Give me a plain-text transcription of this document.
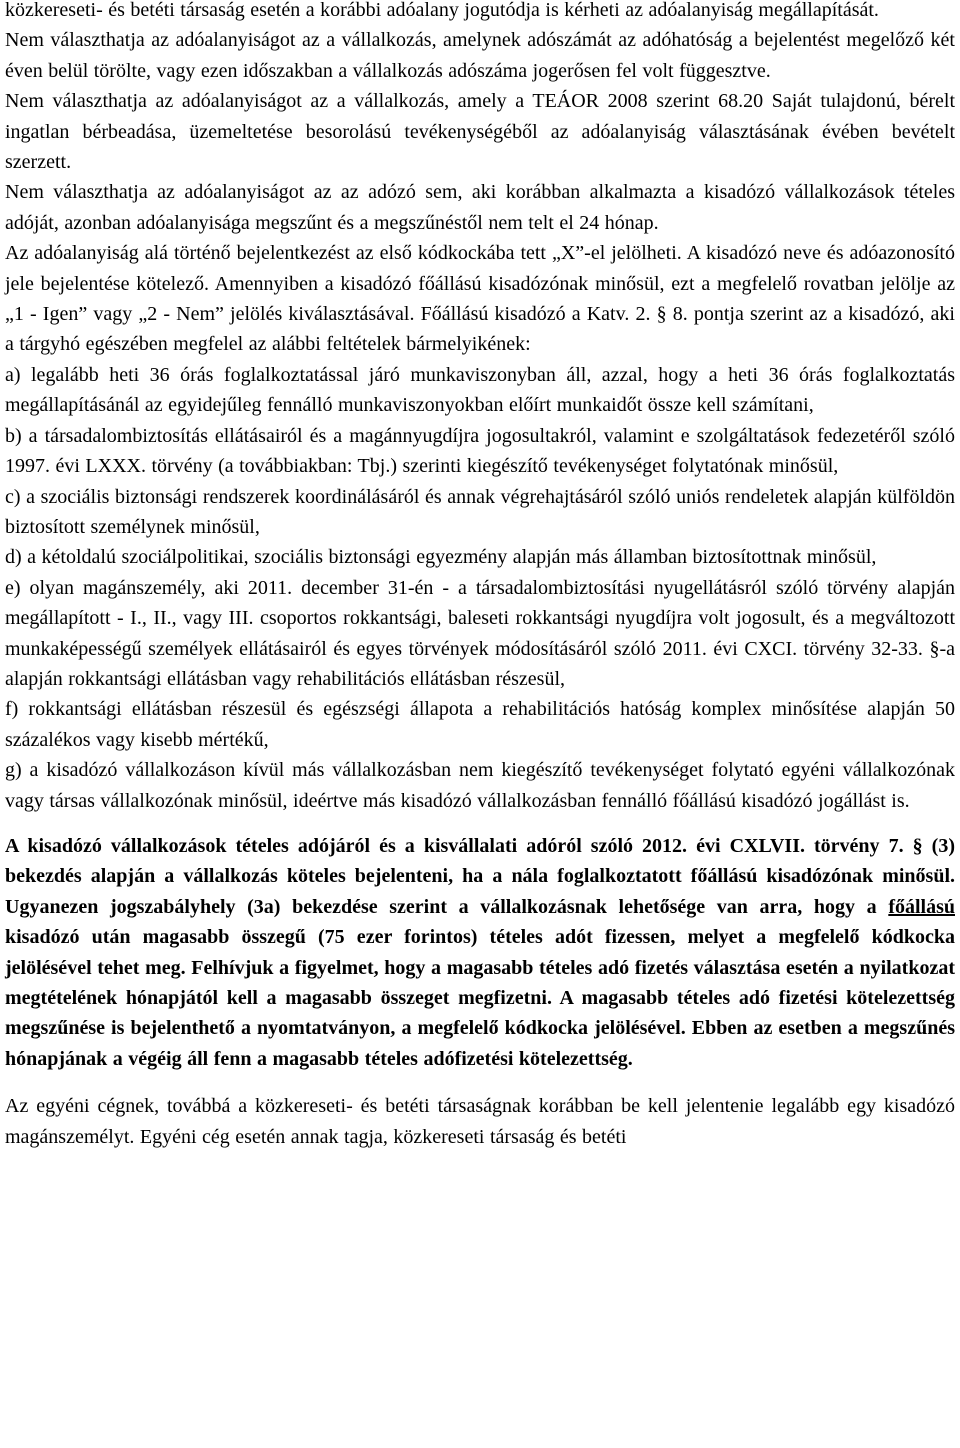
közkereseti- és betéti társaság esetén a korábbi adóalany jogutódja is kérheti az adóalanyiság megállapítását.

Nem választhatja az adóalanyiságot az a vállalkozás, amelynek adószámát az adóhatóság a bejelentést megelőző két éven belül törölte, vagy ezen időszakban a vállalkozás adószáma jogerősen fel volt függesztve.

Nem választhatja az adóalanyiságot az a vállalkozás, amely a TEÁOR 2008 szerint 68.20 Saját tulajdonú, bérelt ingatlan bérbeadása, üzemeltetése besorolású tevékenységéből az adóalanyiság választásának évében bevételt szerzett.

Nem választhatja az adóalanyiságot az az adózó sem, aki korábban alkalmazta a kisadózó vállalkozások tételes adóját, azonban adóalanyisága megszűnt és a megszűnéstől nem telt el 24 hónap.

Az adóalanyiság alá történő bejelentkezést az első kódkockába tett „X”-el jelölheti. A kisadózó neve és adóazonosító jele bejelentése kötelező. Amennyiben a kisadózó főállású kisadózónak minősül, ezt a megfelelő rovatban jelölje az „1 - Igen” vagy „2 - Nem” jelölés kiválasztásával. Főállású kisadózó a Katv. 2. § 8. pontja szerint az a kisadózó, aki a tárgyhó egészében megfelel az alábbi feltételek bármelyikének:

a) legalább heti 36 órás foglalkoztatással járó munkaviszonyban áll, azzal, hogy a heti 36 órás foglalkoztatás megállapításánál az egyidejűleg fennálló munkaviszonyokban előírt munkaidőt össze kell számítani,

b) a társadalombiztosítás ellátásairól és a magánnyugdíjra jogosultakról, valamint e szolgáltatások fedezetéről szóló 1997. évi LXXX. törvény (a továbbiakban: Tbj.) szerinti kiegészítő tevékenységet folytatónak minősül,

c) a szociális biztonsági rendszerek koordinálásáról és annak végrehajtásáról szóló uniós rendeletek alapján külföldön biztosított személynek minősül,

d) a kétoldalú szociálpolitikai, szociális biztonsági egyezmény alapján más államban biztosítottnak minősül,

e) olyan magánszemély, aki 2011. december 31-én - a társadalombiztosítási nyugellátásról szóló törvény alapján megállapított - I., II., vagy III. csoportos rokkantsági, baleseti rokkantsági nyugdíjra volt jogosult, és a megváltozott munkaképességű személyek ellátásairól és egyes törvények módosításáról szóló 2011. évi CXCI. törvény 32-33. §-a alapján rokkantsági ellátásban vagy rehabilitációs ellátásban részesül,

f) rokkantsági ellátásban részesül és egészségi állapota a rehabilitációs hatóság komplex minősítése alapján 50 százalékos vagy kisebb mértékű,

g) a kisadózó vállalkozáson kívül más vállalkozásban nem kiegészítő tevékenységet folytató egyéni vállalkozónak vagy társas vállalkozónak minősül, ideértve más kisadózó vállalkozásban fennálló főállású kisadózó jogállást is.

A kisadózó vállalkozások tételes adójáról és a kisvállalati adóról szóló 2012. évi CXLVII. törvény 7. § (3) bekezdés alapján a vállalkozás köteles bejelenteni, ha a nála foglalkoztatott főállású kisadózónak minősül. Ugyanezen jogszabályhely (3a) bekezdése szerint a vállalkozásnak lehetősége van arra, hogy a főállású kisadózó után magasabb összegű (75 ezer forintos) tételes adót fizessen, melyet a megfelelő kódkocka jelölésével tehet meg. Felhívjuk a figyelmet, hogy a magasabb tételes adó fizetés választása esetén a nyilatkozat megtételének hónapjától kell a magasabb összeget megfizetni. A magasabb tételes adó fizetési kötelezettség megszűnése is bejelenthető a nyomtatványon, a megfelelő kódkocka jelölésével. Ebben az esetben a megszűnés hónapjának a végéig áll fenn a magasabb tételes adófizetési kötelezettség.

Az egyéni cégnek, továbbá a közkereseti- és betéti társaságnak korábban be kell jelentenie legalább egy kisadózó magánszemélyt. Egyéni cég esetén annak tagja, közkereseti társaság és betéti
